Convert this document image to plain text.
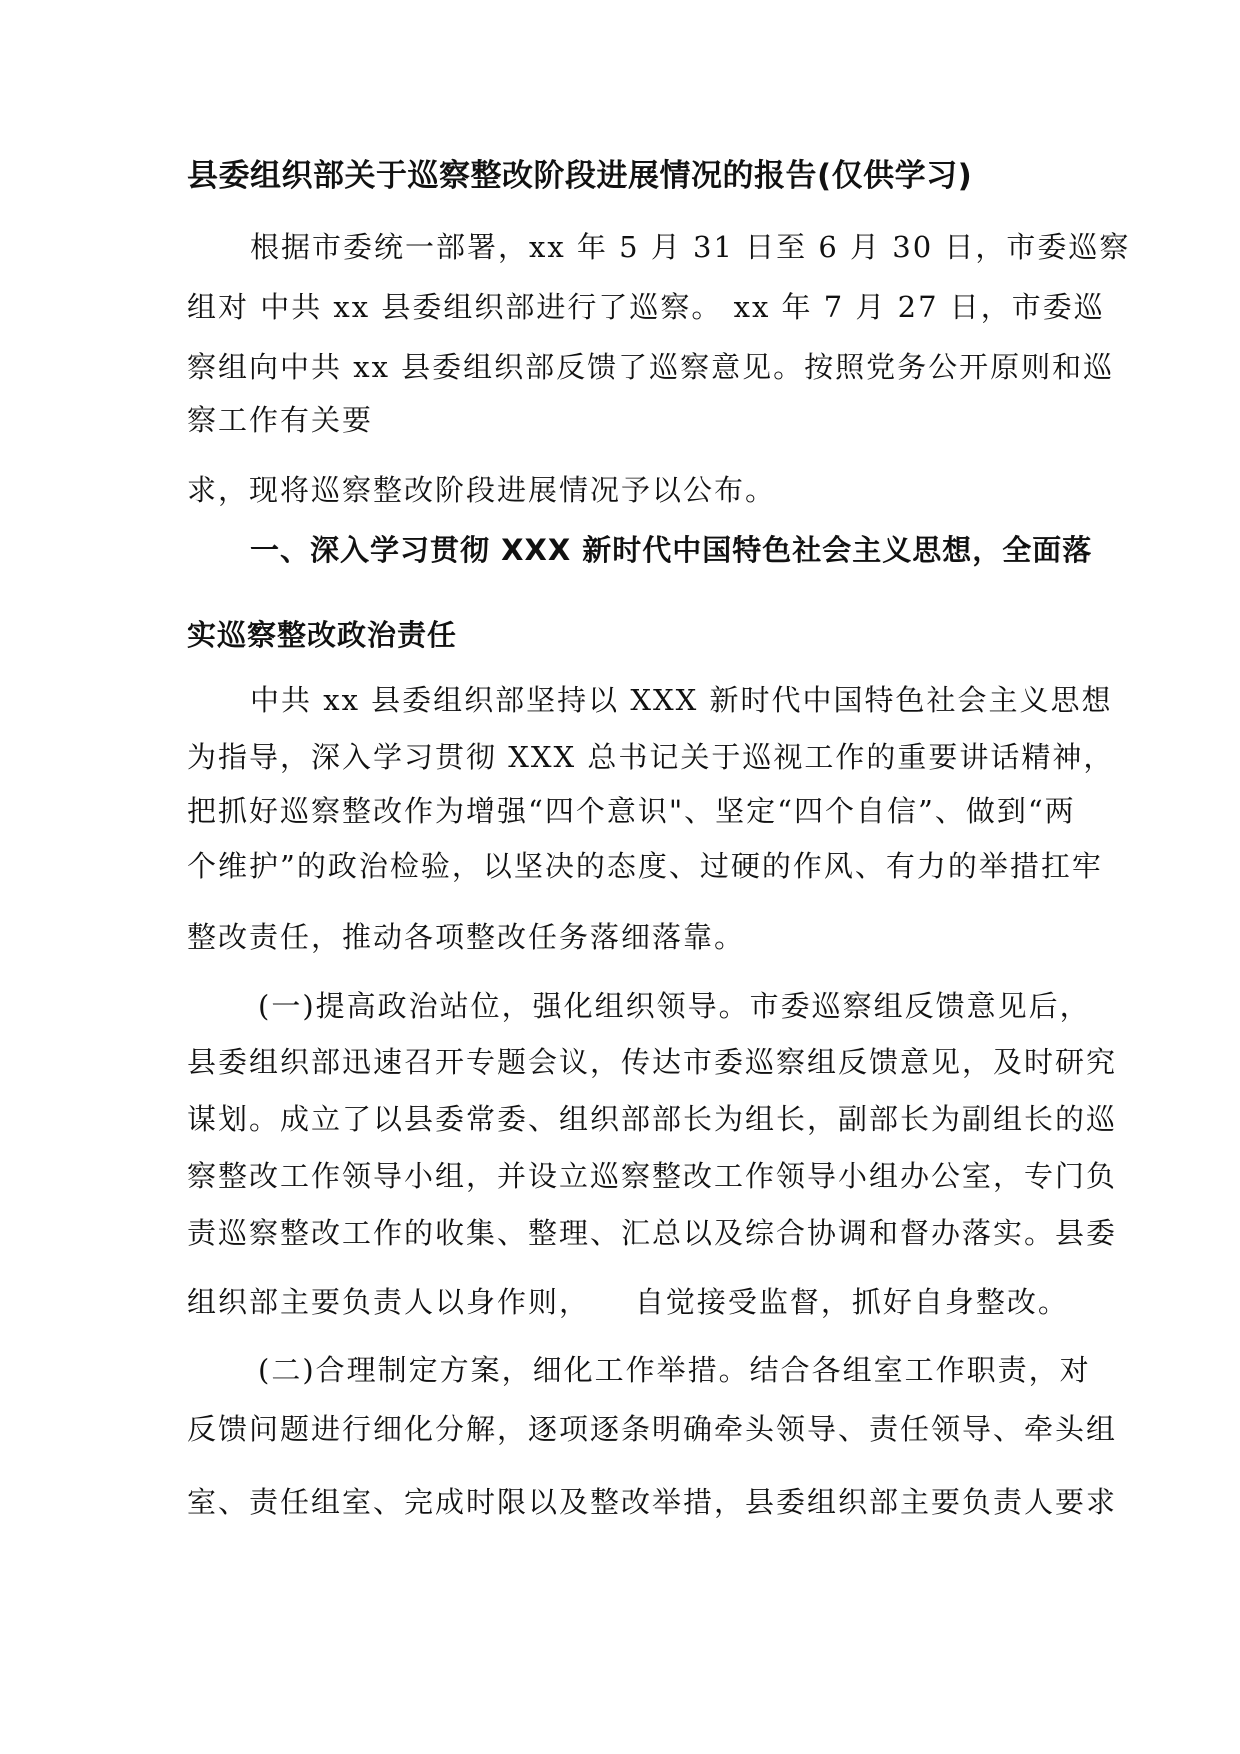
县委组织部关于巡察整改阶段进展情况的报告(仅供学习)
根据市委统一部署，xx 年 5 月 31 日至 6 月 30 日，市委巡察
组对 中共 xx 县委组织部进行了巡察。 xx 年 7 月 27 日，市委巡
察组向中共 xx 县委组织部反馈了巡察意见。按照党务公开原则和巡
察工作有关要
求，现将巡察整改阶段进展情况予以公布。
一、深入学习贯彻 XXX 新时代中国特色社会主义思想，全面落
实巡察整改政治责任
中共 xx 县委组织部坚持以 XXX 新时代中国特色社会主义思想
为指导，深入学习贯彻 XXX 总书记关于巡视工作的重要讲话精神，
把抓好巡察整改作为增强“四个意识"、坚定“四个自信”、做到“两
个维护”的政治检验，以坚决的态度、过硬的作风、有力的举措扛牢
整改责任，推动各项整改任务落细落靠。
(一)提高政治站位，强化组织领导。市委巡察组反馈意见后，
县委组织部迅速召开专题会议，传达市委巡察组反馈意见，及时研究
谋划。成立了以县委常委、组织部部长为组长，副部长为副组长的巡
察整改工作领导小组，并设立巡察整改工作领导小组办公室，专门负
责巡察整改工作的收集、整理、汇总以及综合协调和督办落实。县委
组织部主要负责人以身作则，    自觉接受监督，抓好自身整改。
(二)合理制定方案，细化工作举措。结合各组室工作职责，对
反馈问题进行细化分解，逐项逐条明确牵头领导、责任领导、牵头组
室、责任组室、完成时限以及整改举措，县委组织部主要负责人要求
